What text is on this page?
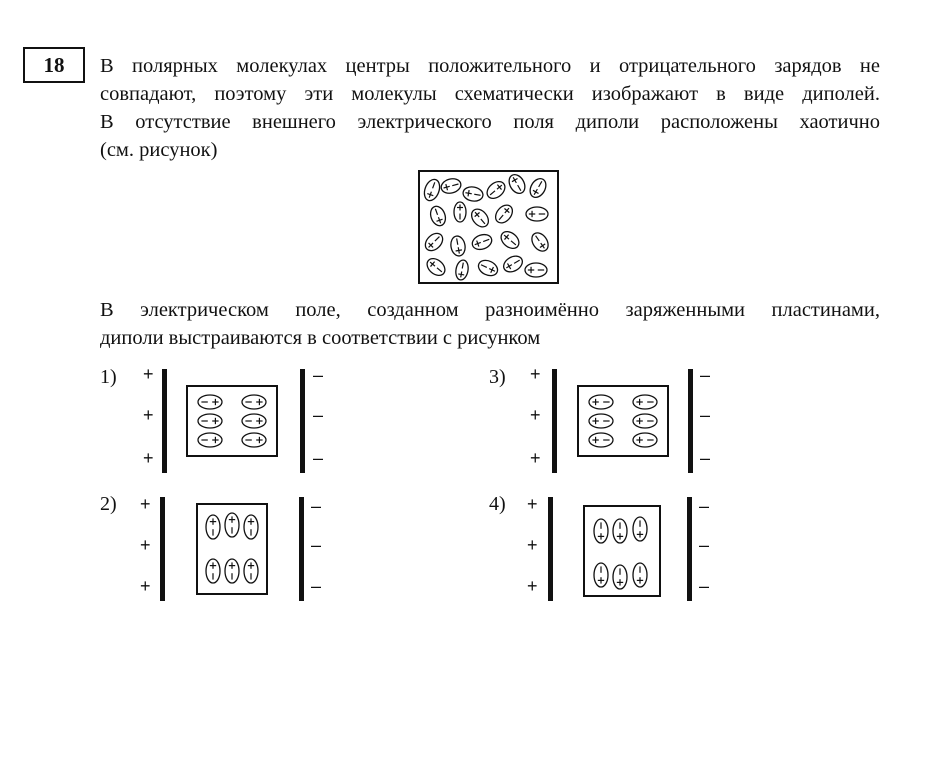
18	В полярных молекулах центры положительного и отрицательного зарядов не
совпадают, поэтому эти молекулы схематически изображают в виде диполей.
В отсутствие внешнего электрического поля диполи расположены хаотично
(см. рисунок)
В электрическом поле, созданном разноимённо заряженными пластинами,
диполи выстраиваются в соответствии с рисунком
1) +
+
+
–
–
–
3) +
+
+
–
–
–
2) +
+
+
–
–
–
4) +
+
+
–
–
–
